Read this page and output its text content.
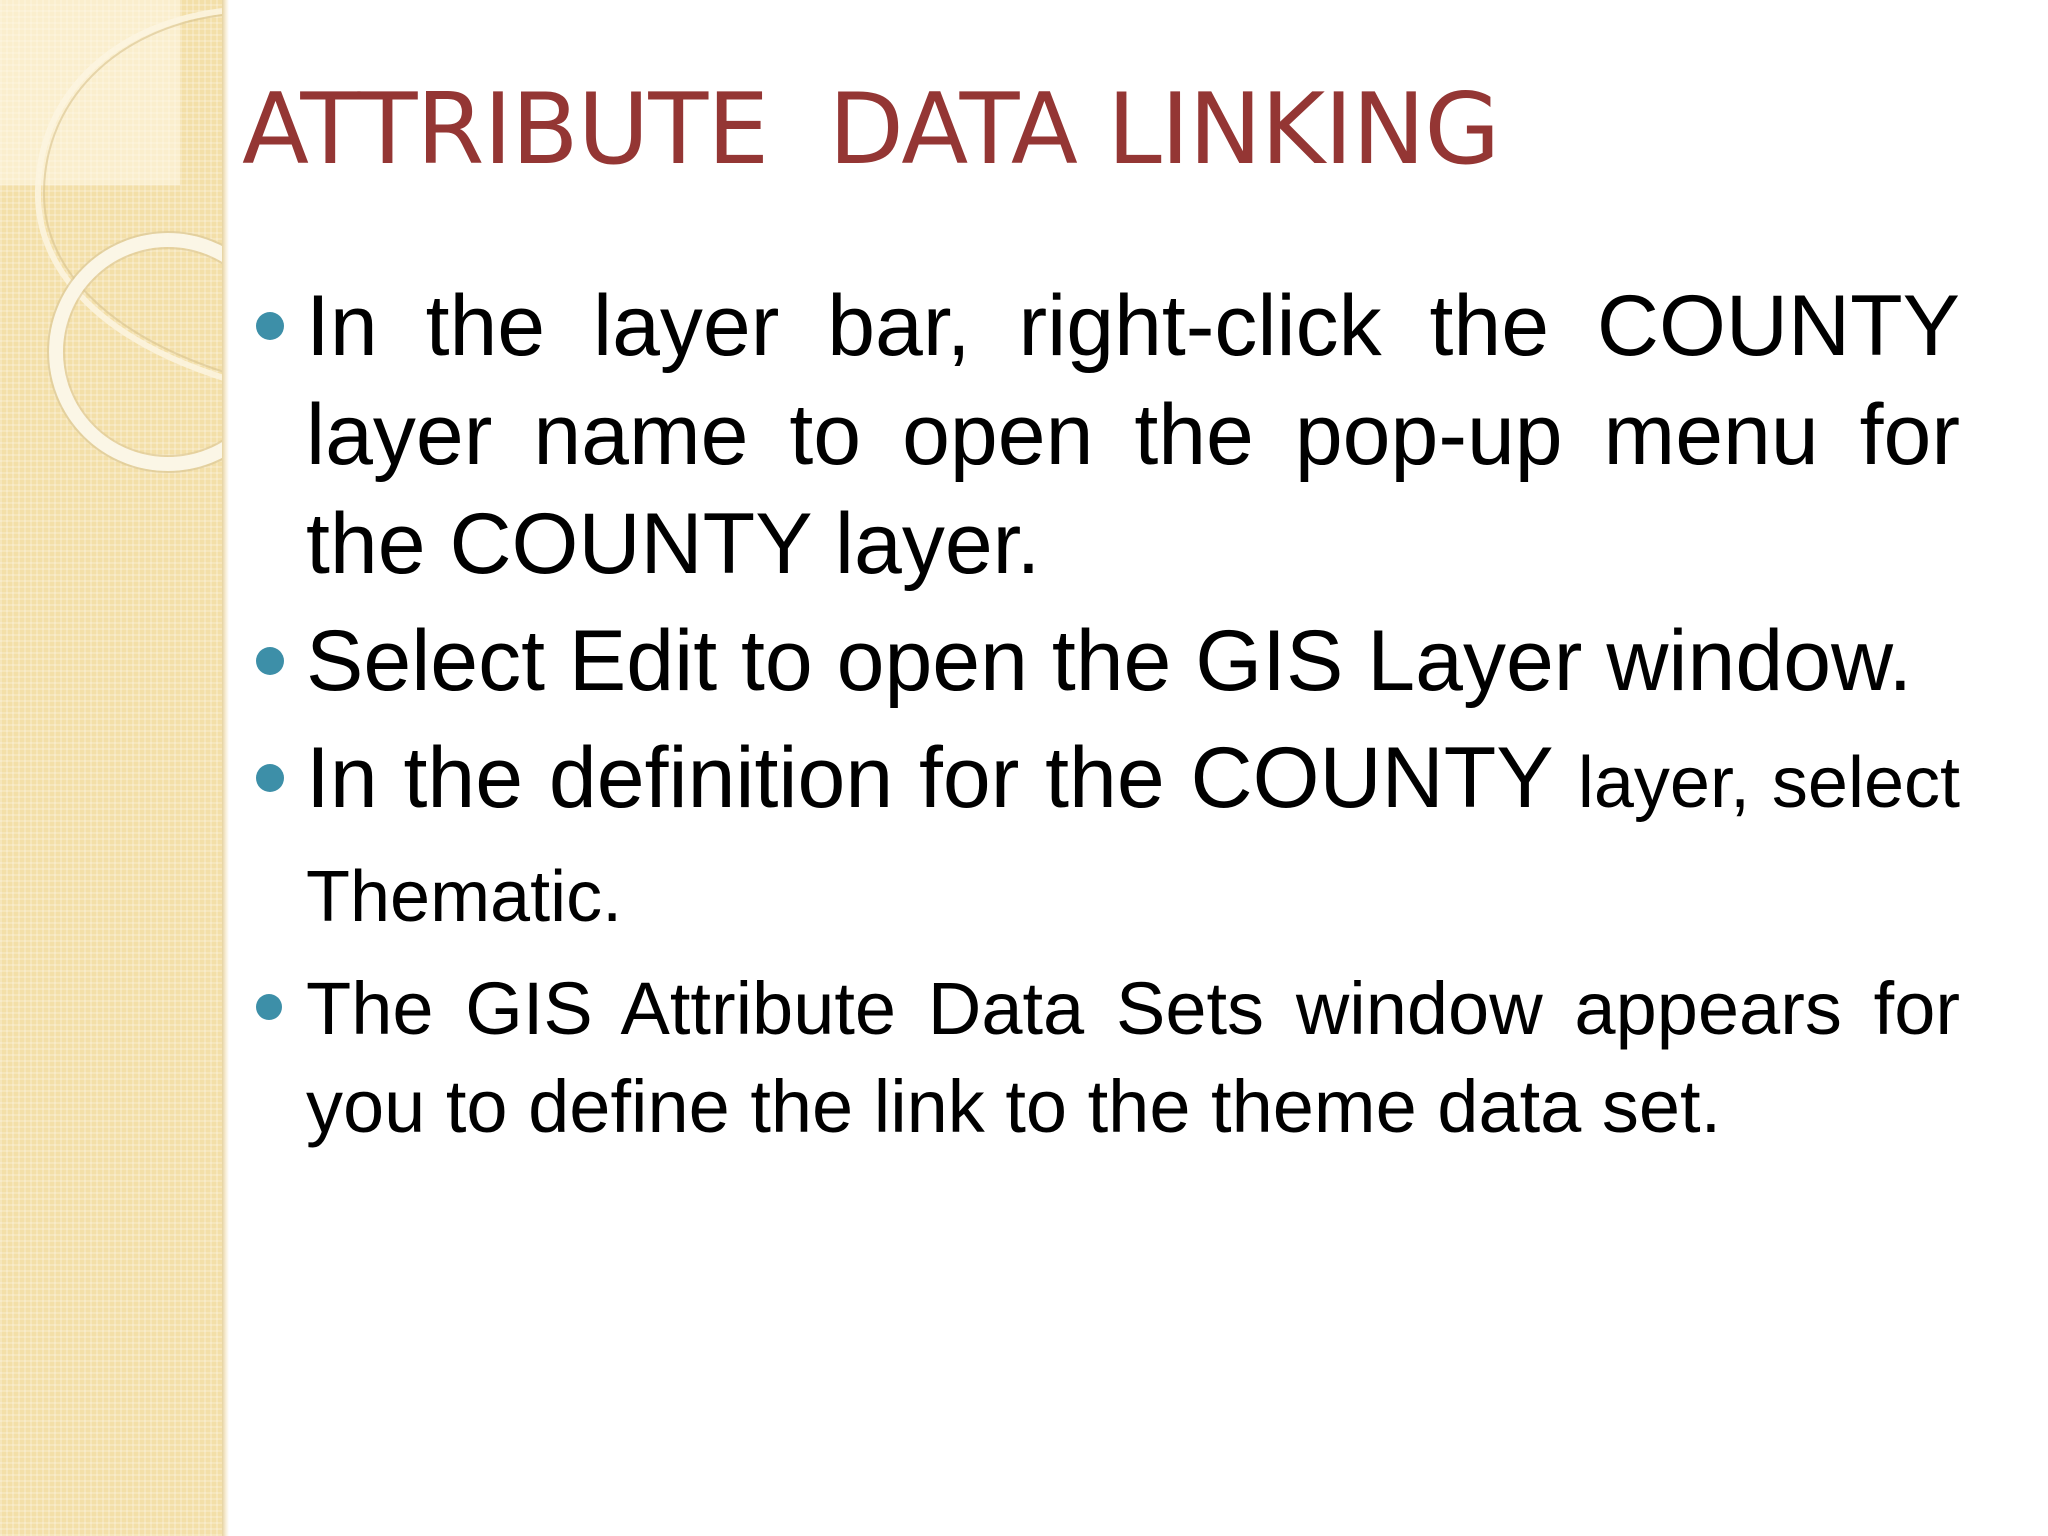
ATTRIBUTE  DATA LINKING
In the layer bar, right-click the COUNTY layer name to open the pop-up menu for the COUNTY layer.
Select Edit to open the GIS Layer window.
In the definition for the COUNTY layer, select Thematic.
The GIS Attribute Data Sets window appears for you to define the link to the theme data set.
